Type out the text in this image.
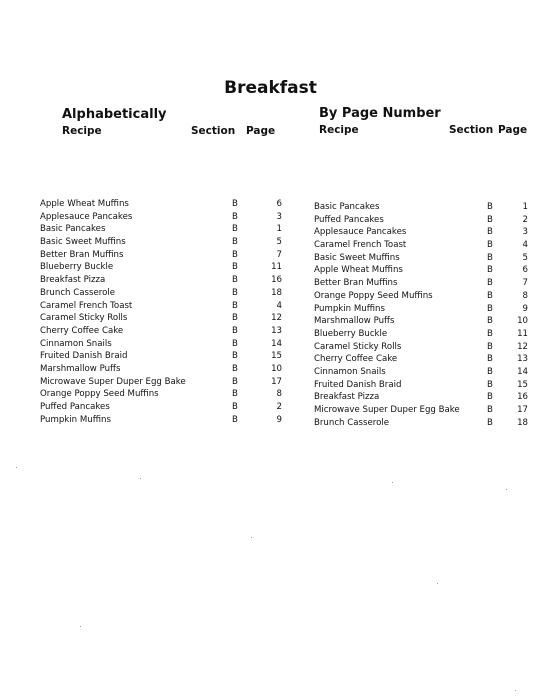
Breakfast
Alphabetically
Recipe	Section Page
By Page Number
Recipe	Section Page
Apple Wheat Muffins	B	6
Applesauce Pancakes	B	3
Basic Pancakes	B	1
Basic Sweet Muffins	B	5
Better Bran Muffins	B	7
Blueberry Buckle	B	11
Breakfast Pizza	B	16
Brunch Casserole	B	18
Caramel French Toast	B	4
Caramel Sticky Rolls	B	12
Cherry Coffee Cake	B	13
Cinnamon Snails	B	14
Fruited Danish Braid	B	15
Marshmallow Puffs	B	10
Microwave Super Duper Egg Bake	B	17
Orange Poppy Seed Muffins	B	8
Puffed Pancakes	B	2
Pumpkin Muffins	B	9
Basic Pancakes	B	1
Puffed Pancakes	B	2
Applesauce Pancakes	B	3
Caramel French Toast	B	4
Basic Sweet Muffins	B	5
Apple Wheat Muffins	B	6
Better Bran Muffins	B	7
Orange Poppy Seed Muffins	B	8
Pumpkin Muffins	B	9
Marshmallow Puffs	B	10
Blueberry Buckle	B	11
Caramel Sticky Rolls	B	12
Cherry Coffee Cake	B	13
Cinnamon Snails	B	14
Fruited Danish Braid	B	15
Breakfast Pizza	B	16
Microwave Super Duper Egg Bake	B	17
Brunch Casserole	B	18
